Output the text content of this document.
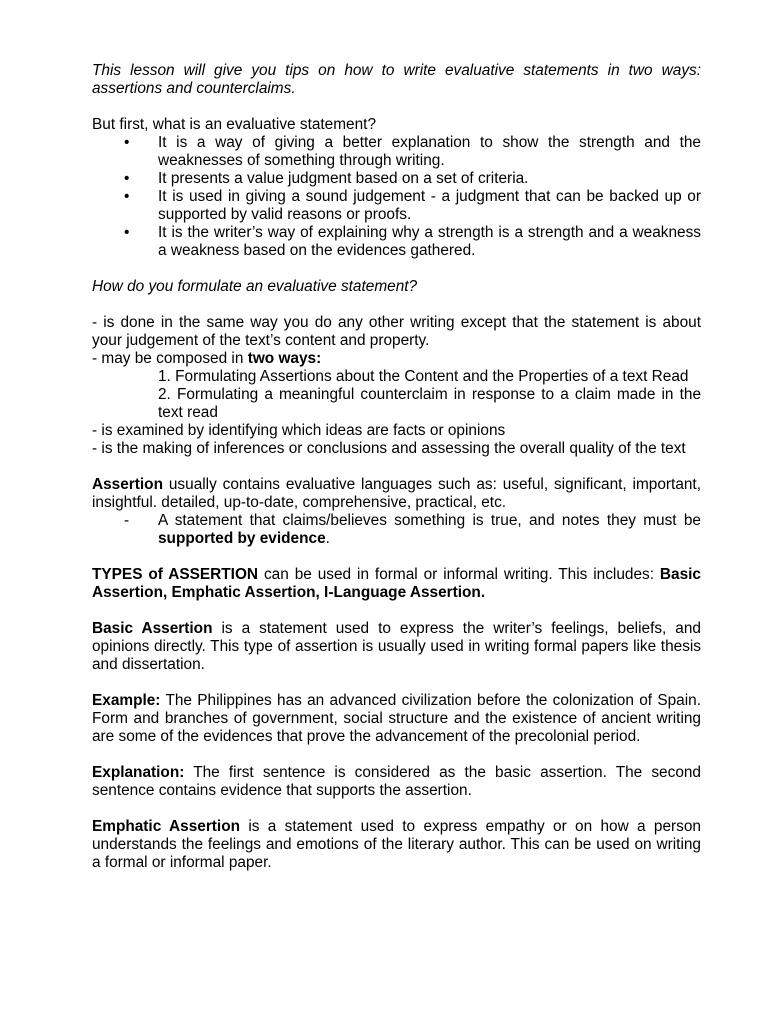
This lesson will give you tips on how to write evaluative statements in two ways: assertions and counterclaims.

But first, what is an evaluative statement?

• It is a way of giving a better explanation to show the strength and the weaknesses of something through writing.
• It presents a value judgment based on a set of criteria.
• It is used in giving a sound judgement - a judgment that can be backed up or supported by valid reasons or proofs.
• It is the writer’s way of explaining why a strength is a strength and a weakness a weakness based on the evidences gathered.

How do you formulate an evaluative statement?

- is done in the same way you do any other writing except that the statement is about your judgement of the text’s content and property.

- may be composed in two ways:

1. Formulating Assertions about the Content and the Properties of a text Read

2. Formulating a meaningful counterclaim in response to a claim made in the text read

- is examined by identifying which ideas are facts or opinions

- is the making of inferences or conclusions and assessing the overall quality of the text

Assertion usually contains evaluative languages such as: useful, significant, important, insightful. detailed, up-to-date, comprehensive, practical, etc.

- A statement that claims/believes something is true, and notes they must be supported by evidence.

TYPES of ASSERTION can be used in formal or informal writing. This includes: Basic Assertion, Emphatic Assertion, I-Language Assertion.

Basic Assertion is a statement used to express the writer’s feelings, beliefs, and opinions directly. This type of assertion is usually used in writing formal papers like thesis and dissertation.

Example: The Philippines has an advanced civilization before the colonization of Spain. Form and branches of government, social structure and the existence of ancient writing are some of the evidences that prove the advancement of the precolonial period.

Explanation: The first sentence is considered as the basic assertion. The second sentence contains evidence that supports the assertion.

Emphatic Assertion is a statement used to express empathy or on how a person understands the feelings and emotions of the literary author. This can be used on writing a formal or informal paper.
